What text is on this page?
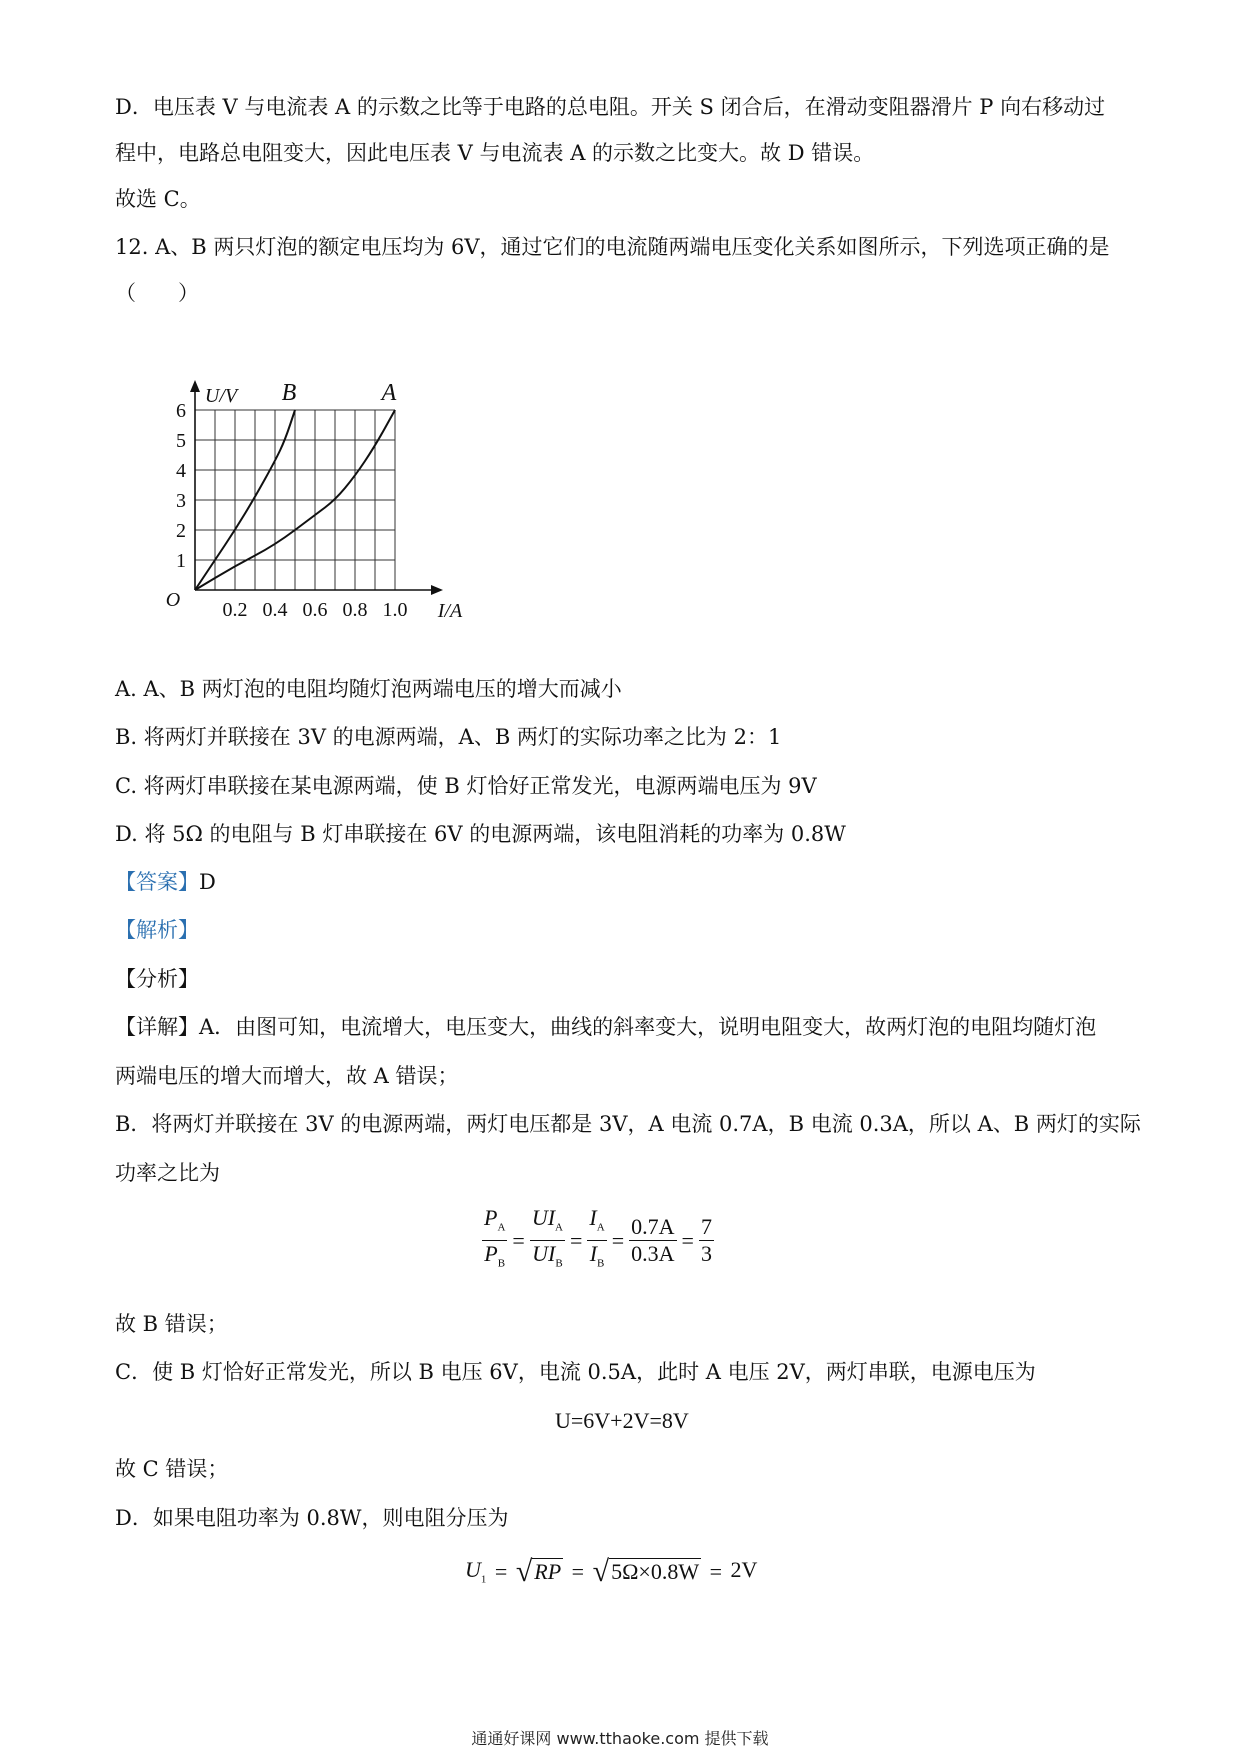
D．电压表 V 与电流表 A 的示数之比等于电路的总电阻。开关 S 闭合后，在滑动变阻器滑片 P 向右移动过
程中，电路总电阻变大，因此电压表 V 与电流表 A 的示数之比变大。故 D 错误。
故选 C。
12. A、B 两只灯泡的额定电压均为 6V，通过它们的电流随两端电压变化关系如图所示，下列选项正确的是
（　　）
0.2 0.4 0.6 0.8 1.0
1
2
3
4
5
6
O	I/A
U/V B	A
A. A、B 两灯泡的电阻均随灯泡两端电压的增大而减小
B. 将两灯并联接在 3V 的电源两端，A、B 两灯的实际功率之比为 2：1
C. 将两灯串联接在某电源两端，使 B 灯恰好正常发光，电源两端电压为 9V
D. 将 5Ω 的电阻与 B 灯串联接在 6V 的电源两端，该电阻消耗的功率为 0.8W
【答案】D
【解析】
【分析】
【详解】A．由图可知，电流增大，电压变大，曲线的斜率变大，说明电阻变大，故两灯泡的电阻均随灯泡
两端电压的增大而增大，故 A 错误；
B．将两灯并联接在 3V 的电源两端，两灯电压都是 3V，A 电流 0.7A，B 电流 0.3A，所以 A、B 两灯的实际
功率之比为
$\frac{P_A}{P_B} = \frac{UI_A}{UI_B} = \frac{I_A}{I_B} = \frac{0.7A}{0.3A} = \frac{7}{3}$
故 B 错误；
C．使 B 灯恰好正常发光，所以 B 电压 6V，电流 0.5A，此时 A 电压 2V，两灯串联，电源电压为
U=6V+2V=8V
故 C 错误；
D．如果电阻功率为 0.8W，则电阻分压为
$U_1 = √RP = √5\Omega\times 0.8W = 2V$
通通好课网 www.tthaoke.com 提供下载
